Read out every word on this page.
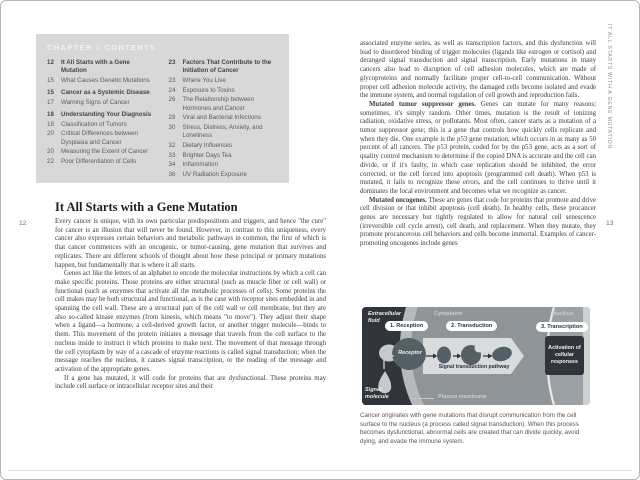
CHAPTER 1 CONTENTS
12	It All Starts with a Gene Mutation
15	What Causes Genetic Mutations
15	Cancer as a Systemic Disease
17	Warning Signs of Cancer
18	Understanding Your Diagnosis
18	Classification of Tumors
20	Critical Differences between Dysplasia and Cancer
20	Measuring the Extent of Cancer
22	Poor Differentiation of Cells
23	Factors That Contribute to the Initiation of Cancer
23	Where You Live
24	Exposure to Toxins
26	The Relationship between Hormones and Cancer
28	Viral and Bacterial Infections
30	Stress, Distress, Anxiety, and Loneliness
32	Dietary Influences
33	Brighter Days Tea
34	Inflammation
36	UV Radiation Exposure
12
It All Starts with a Gene Mutation

Every cancer is unique, with its own particular predispositions and triggers, and hence "the cure" for cancer is an illusion that will never be found. However, in contrast to this uniqueness, every cancer also expresses certain behaviors and metabolic pathways in common, the first of which is that cancer commences with an oncogenic, or tumor-causing, gene mutation that survives and replicates. There are different schools of thought about how these principal or primary mutations happen, but fundamentally that is where it all starts.

Genes act like the letters of an alphabet to encode the molecular instructions by which a cell can make specific proteins. Those proteins are either structural (such as muscle fiber or cell wall) or functional (such as enzymes that activate all the metabolic processes of cells). Some proteins the cell makes may be both structural and functional, as is the case with receptor sites embedded in and spanning the cell wall. These are a structural part of the cell wall or cell membrane, but they are also so-called kinase enzymes (from kinesis, which means "to move"). They adjust their shape when a ligand—a hormone, a cell-derived growth factor, or another trigger molecule—binds to them. This movement of the protein initiates a message that travels from the cell surface to the nucleus inside to instruct it which proteins to make next. The movement of that message through the cell cytoplasm by way of a cascade of enzyme reactions is called signal transduction; when the message reaches the nucleus, it causes signal transcription, or the reading of the message and activation of the appropriate genes.

If a gene has mutated, it will code for proteins that are dysfunctional. These proteins may include cell surface or intracellular receptor sites and their

associated enzyme series, as well as transcription factors, and this dysfunction will lead to disordered binding of trigger molecules (ligands like estrogen or cortisol) and deranged signal transduction and signal transcription. Early mutations in many cancers also lead to disruption of cell adhesion molecules, which are made of glycoproteins and normally facilitate proper cell-to-cell communication. Without proper cell adhesion molecule activity, the damaged cells become isolated and evade the immune system, and normal regulation of cell growth and reproduction fails.

Mutated tumor suppressor genes. Genes can mutate for many reasons; sometimes, it's simply random. Other times, mutation is the result of ionizing radiation, oxidative stress, or pollutants. Most often, cancer starts as a mutation of a tumor suppressor gene; this is a gene that controls how quickly cells replicate and when they die. One example is the p53 gene mutation, which occurs in as many as 50 percent of all cancers. The p53 protein, coded for by the p53 gene, acts as a sort of quality control mechanism to determine if the copied DNA is accurate and the cell can divide, or if it's faulty, in which case replication should be inhibited, the error corrected, or the cell forced into apoptosis (programmed cell death). When p53 is mutated, it fails to recognize these errors, and the cell continues to thrive until it dominates the local environment and becomes what we recognize as cancer.

Mutated oncogenes. These are genes that code for proteins that promote and drive cell division or that inhibit apoptosis (cell death). In healthy cells, these procancer genes are necessary but tightly regulated to allow for natural cell senescence (irreversible cell cycle arrest), cell death, and replacement. When they mutate, they promote procancerous cell behaviors and cells become immortal. Examples of cancer-promoting oncogenes include genes

Extracellular fluid
Cytoplasm	Nucleus
1. Reception	2. Transduction	3. Transcription
Receptor
Signal transduction pathway
Activation of cellular responses
Signal molecule	Plasma membrane
Cancer originates with gene mutations that disrupt communication from the cell surface to the nucleus (a process called signal transduction). When this process becomes dysfunctional, abnormal cells are created that can divide quickly, avoid dying, and evade the immune system.
IT ALL STARTS WITH A GENE MUTATION
13
